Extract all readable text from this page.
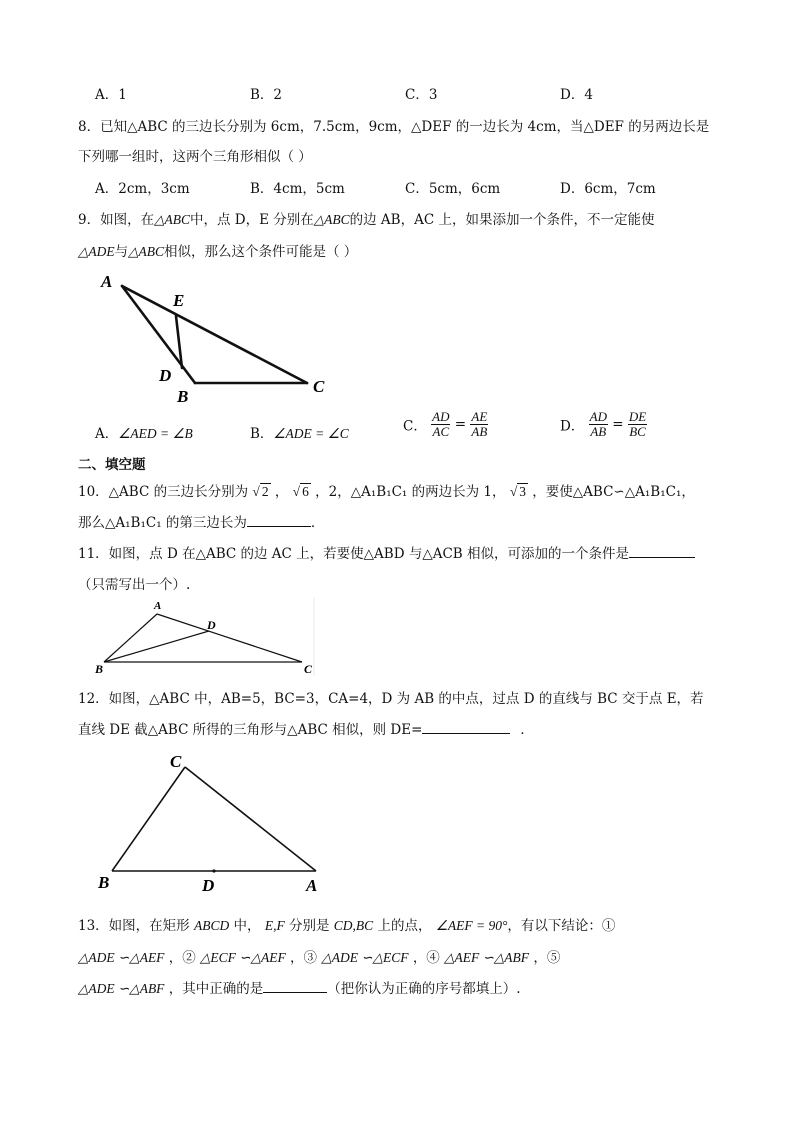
A．1	B．2	C．3	D．4
8．已知△ABC 的三边长分别为 6cm，7.5cm，9cm，△DEF 的一边长为 4cm，当△DEF 的另两边长是
下列哪一组时，这两个三角形相似（ ）
A．2cm，3cm	B．4cm，5cm	C．5cm，6cm	D．6cm，7cm
9．如图，在△ABC中，点 D，E 分别在△ABC的边 AB，AC 上，如果添加一个条件，不一定能使
△ADE与△ABC相似，那么这个条件可能是（ ）
A
E
D
B
C
A．∠AED = ∠B	B．∠ADE = ∠C	C． $\frac{AD}{AC} = \frac{AE}{AB}$	D． $\frac{AD}{AB} = \frac{DE}{BC}$
二、填空题
10．△ABC 的三边长分别为 √ 2 ， √ 6 ，2，△A₁B₁C₁ 的两边长为 1， √ 3 ，要使△ABC∽△A₁B₁C₁，
那么△A₁B₁C₁ 的第三边长为	．
11．如图，点 D 在△ABC 的边 AC 上，若要使△ABD 与△ACB 相似，可添加的一个条件是
（只需写出一个）.
A
D
B	C
12．如图，△ABC 中，AB=5，BC=3，CA=4，D 为 AB 的中点，过点 D 的直线与 BC 交于点 E，若
直线 DE 截△ABC 所得的三角形与△ABC 相似，则 DE=	．
C
B	D	A
13．如图，在矩形 ABCD 中， E,F 分别是 CD,BC 上的点， ∠AEF = 90°，有以下结论：①
△ADE ∽△AEF ，② △ECF ∽△AEF ，③ △ADE ∽△ECF ，④ △AEF ∽△ABF ，⑤
△ADE ∽△ABF ，其中正确的是	（把你认为正确的序号都填上）.
